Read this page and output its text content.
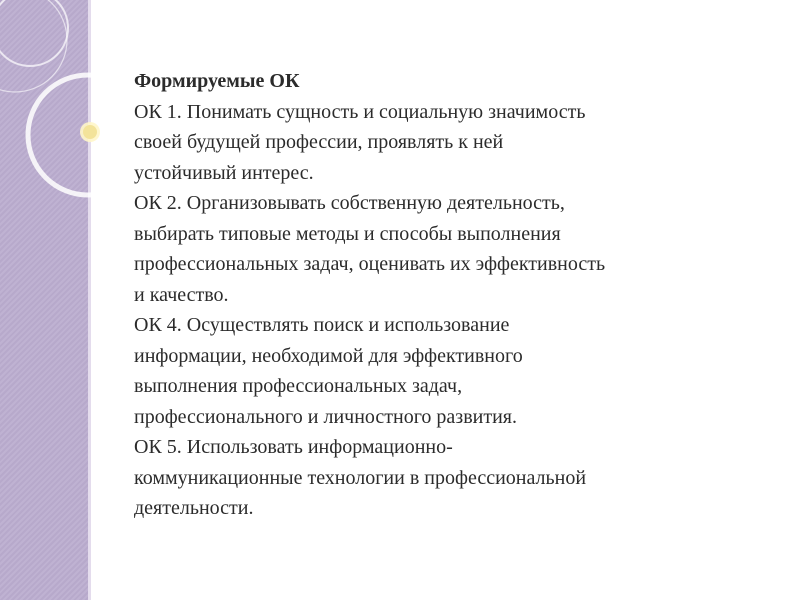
Формируемые ОК
ОК 1. Понимать сущность и социальную значимость
своей будущей профессии, проявлять к ней
устойчивый интерес.
ОК 2. Организовывать собственную деятельность,
выбирать типовые методы и способы выполнения
профессиональных задач, оценивать их эффективность
и качество.
ОК 4. Осуществлять поиск и использование
информации, необходимой для эффективного
выполнения профессиональных задач,
профессионального и личностного развития.
ОК 5. Использовать информационно-
коммуникационные технологии в профессиональной
деятельности.
